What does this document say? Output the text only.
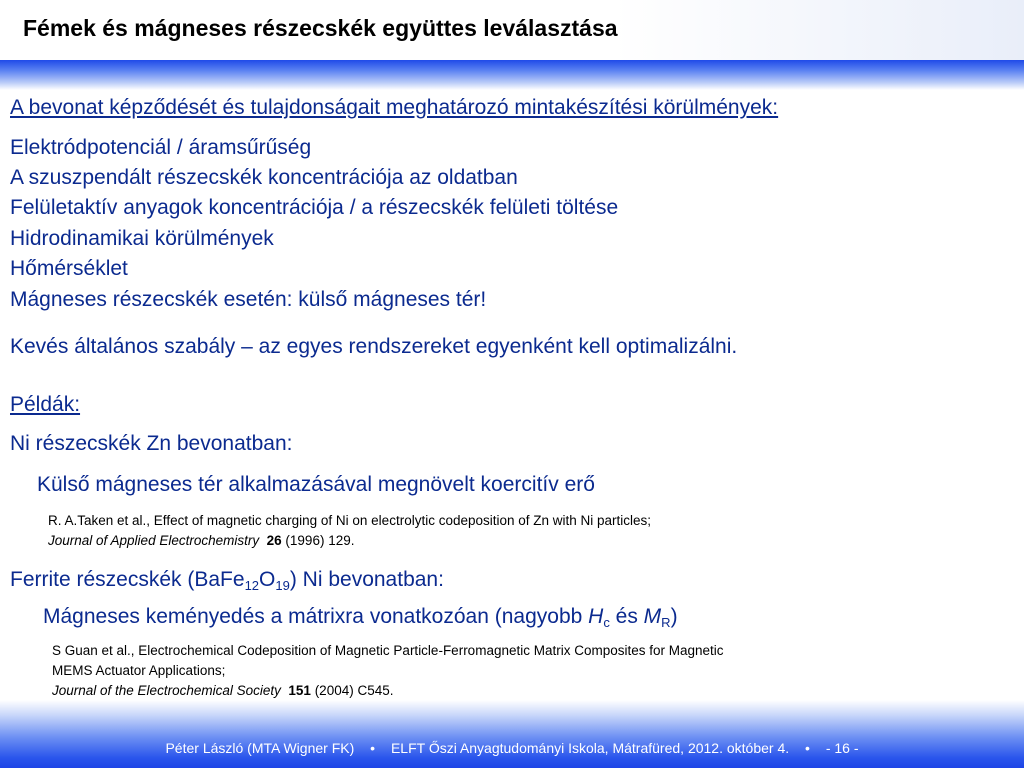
Fémek és mágneses részecskék együttes leválasztása
A bevonat képződését és tulajdonságait meghatározó mintakészítési körülmények:
Elektródpotenciál / áramsűrűség
A szuszpendált részecskék koncentrációja az oldatban
Felületaktív anyagok koncentrációja / a részecskék felületi töltése
Hidrodinamikai körülmények
Hőmérséklet
Mágneses részecskék esetén: külső mágneses tér!
Kevés általános szabály – az egyes rendszereket egyenként kell optimalizálni.
Példák:
Ni részecskék Zn bevonatban:
Külső mágneses tér alkalmazásával megnövelt koercitív erő
R. A.Taken et al., Effect of magnetic charging of Ni on electrolytic codeposition of Zn with Ni particles;
Journal of Applied Electrochemistry 26 (1996) 129.
Ferrite részecskék $(BaFe_{12}O_{19})$ Ni bevonatban:
Mágneses keményedés a mátrixra vonatkozóan (nagyobb $H_c$ és $M_R$)
S Guan et al., Electrochemical Codeposition of Magnetic Particle-Ferromagnetic Matrix Composites for Magnetic
MEMS Actuator Applications;
Journal of the Electrochemical Society 151 (2004) C545.
Péter László (MTA Wigner FK) • ELFT Őszi Anyagtudományi Iskola, Mátrafüred, 2012. október 4. • - 16 -
